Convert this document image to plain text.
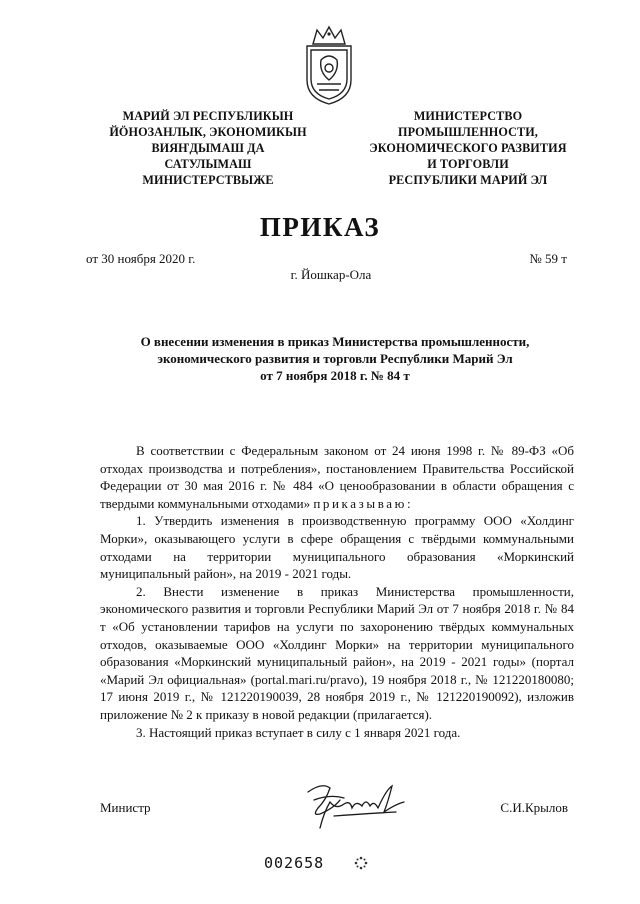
МАРИЙ ЭЛ РЕСПУБЛИКЫН
ЙӦНОЗАНЛЫК, ЭКОНОМИКЫН
ВИЯҤДЫМАШ ДА
САТУЛЫМАШ
МИНИСТЕРСТВЫЖЕ
МИНИСТЕРСТВО
ПРОМЫШЛЕННОСТИ,
ЭКОНОМИЧЕСКОГО РАЗВИТИЯ
И ТОРГОВЛИ
РЕСПУБЛИКИ МАРИЙ ЭЛ
ПРИКАЗ
от 30 ноября 2020 г.	№ 59 т
г. Йошкар-Ола
О внесении изменения в приказ Министерства промышленности,
экономического развития и торговли Республики Марий Эл
от 7 ноября 2018 г. № 84 т

В соответствии с Федеральным законом от 24 июня 1998 г. № 89-ФЗ «Об отходах производства и потребления», постановлением Правительства Российской Федерации от 30 мая 2016 г. № 484 «О ценообразовании в области обращения с твердыми коммунальными отходами» приказываю:

1. Утвердить изменения в производственную программу ООО «Холдинг Морки», оказывающего услуги в сфере обращения с твёрдыми коммунальными отходами на территории муниципального образования «Моркинский муниципальный район», на 2019 - 2021 годы.

2. Внести изменение в приказ Министерства промышленности, экономического развития и торговли Республики Марий Эл от 7 ноября 2018 г. № 84 т «Об установлении тарифов на услуги по захоронению твёрдых коммунальных отходов, оказываемые ООО «Холдинг Морки» на территории муниципального образования «Моркинский муниципальный район», на 2019 - 2021 годы» (портал «Марий Эл официальная» (portal.mari.ru/pravo), 19 ноября 2018 г., № 121220180080; 17 июня 2019 г., № 121220190039, 28 ноября 2019 г., № 121220190092), изложив приложение № 2 к приказу в новой редакции (прилагается).

3. Настоящий приказ вступает в силу с 1 января 2021 года.

Министр	С.И.Крылов
002658
